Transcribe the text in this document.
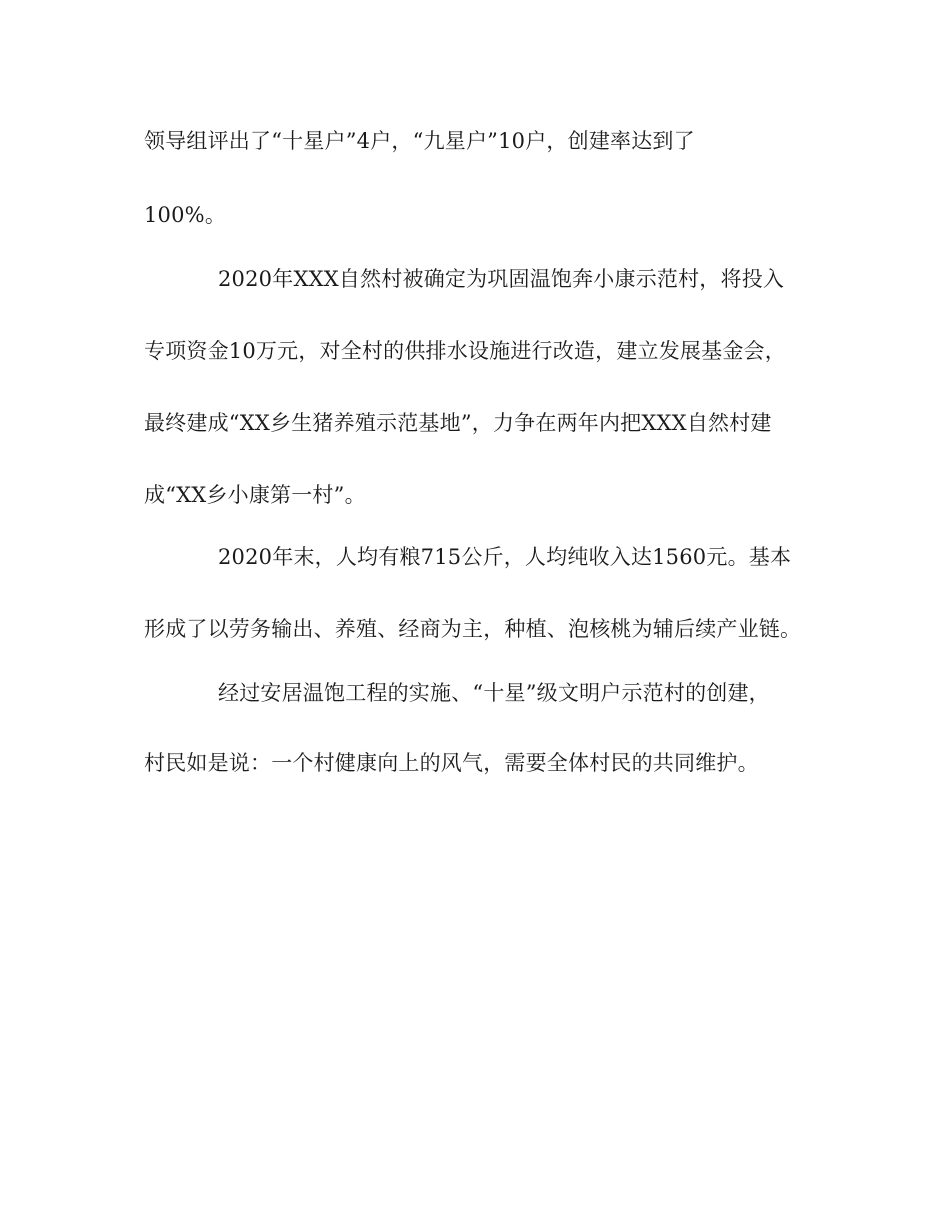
领导组评出了“十星户”4户，“九星户”10户，创建率达到了
100%。
2020年XXX自然村被确定为巩固温饱奔小康示范村，将投入
专项资金10万元，对全村的供排水设施进行改造，建立发展基金会，
最终建成“XX乡生猪养殖示范基地”，力争在两年内把XXX自然村建
成“XX乡小康第一村”。
2020年末，人均有粮715公斤，人均纯收入达1560元。基本
形成了以劳务输出、养殖、经商为主，种植、泡核桃为辅后续产业链。
经过安居温饱工程的实施、“十星”级文明户示范村的创建，
村民如是说：一个村健康向上的风气，需要全体村民的共同维护。
